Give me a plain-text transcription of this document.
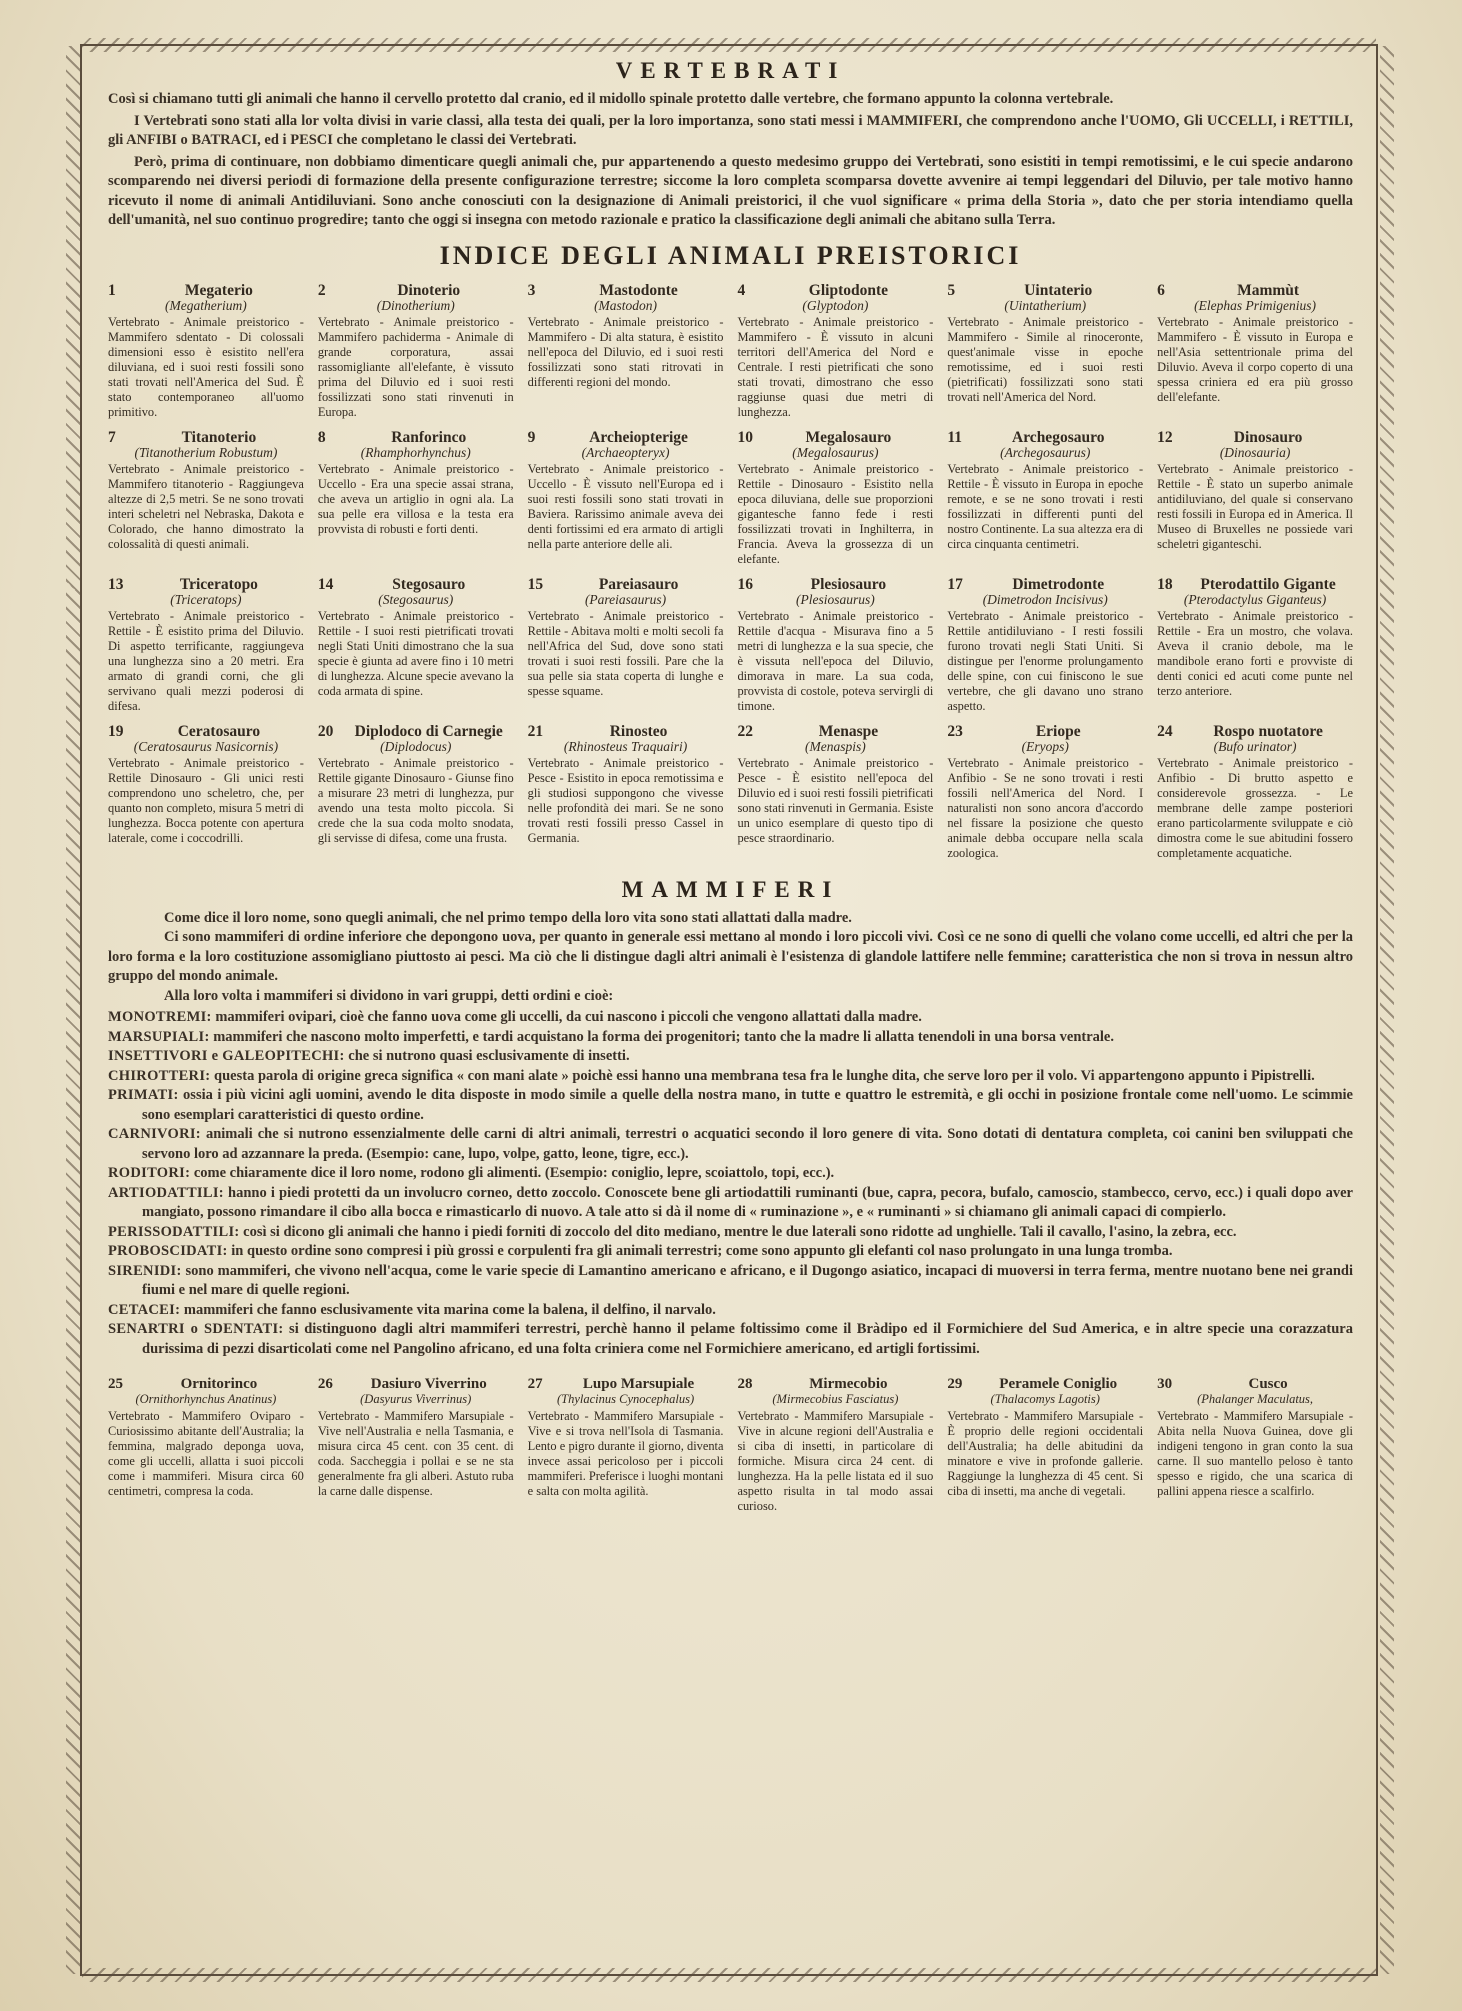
VERTEBRATI

Così si chiamano tutti gli animali che hanno il cervello protetto dal cranio, ed il midollo spinale protetto dalle vertebre, che formano appunto la colonna vertebrale.

I Vertebrati sono stati alla lor volta divisi in varie classi, alla testa dei quali, per la loro importanza, sono stati messi i MAMMIFERI, che comprendono anche l'UOMO, Gli UCCELLI, i RETTILI, gli ANFIBI o BATRACI, ed i PESCI che completano le classi dei Vertebrati.

Però, prima di continuare, non dobbiamo dimenticare quegli animali che, pur appartenendo a questo medesimo gruppo dei Vertebrati, sono esistiti in tempi remotissimi, e le cui specie andarono scomparendo nei diversi periodi di formazione della presente configurazione terrestre; siccome la loro completa scomparsa dovette avvenire ai tempi leggendari del Diluvio, per tale motivo hanno ricevuto il nome di animali Antidiluviani. Sono anche conosciuti con la designazione di Animali preistorici, il che vuol significare « prima della Storia », dato che per storia intendiamo quella dell'umanità, nel suo continuo progredire; tanto che oggi si insegna con metodo razionale e pratico la classificazione degli animali che abitano sulla Terra.

INDICE DEGLI ANIMALI PREISTORICI
1	Megaterio
(Megatherium)
Vertebrato - Animale preistorico - Mammifero sdentato - Di colossali dimensioni esso è esistito nell'era diluviana, ed i suoi resti fossili sono stati trovati nell'America del Sud. È stato contemporaneo all'uomo primitivo.
2	Dinoterio
(Dinotherium)
Vertebrato - Animale preistorico - Mammifero pachiderma - Animale di grande corporatura, assai rassomigliante all'elefante, è vissuto prima del Diluvio ed i suoi resti fossilizzati sono stati rinvenuti in Europa.
3	Mastodonte
(Mastodon)
Vertebrato - Animale preistorico - Mammifero - Di alta statura, è esistito nell'epoca del Diluvio, ed i suoi resti fossilizzati sono stati ritrovati in differenti regioni del mondo.
4	Gliptodonte
(Glyptodon)
Vertebrato - Animale preistorico - Mammifero - È vissuto in alcuni territori dell'America del Nord e Centrale. I resti pietrificati che sono stati trovati, dimostrano che esso raggiunse quasi due metri di lunghezza.
5	Uintaterio
(Uintatherium)
Vertebrato - Animale preistorico - Mammifero - Simile al rinoceronte, quest'animale visse in epoche remotissime, ed i suoi resti (pietrificati) fossilizzati sono stati trovati nell'America del Nord.
6	Mammùt
(Elephas Primigenius)
Vertebrato - Animale preistorico - Mammifero - È vissuto in Europa e nell'Asia settentrionale prima del Diluvio. Aveva il corpo coperto di una spessa criniera ed era più grosso dell'elefante.
7	Titanoterio
(Titanotherium Robustum)
Vertebrato - Animale preistorico - Mammifero titanoterio - Raggiungeva altezze di 2,5 metri. Se ne sono trovati interi scheletri nel Nebraska, Dakota e Colorado, che hanno dimostrato la colossalità di questi animali.
8	Ranforinco
(Rhamphorhynchus)
Vertebrato - Animale preistorico - Uccello - Era una specie assai strana, che aveva un artiglio in ogni ala. La sua pelle era villosa e la testa era provvista di robusti e forti denti.
9	Archeiopterige
(Archaeopteryx)
Vertebrato - Animale preistorico - Uccello - È vissuto nell'Europa ed i suoi resti fossili sono stati trovati in Baviera. Rarissimo animale aveva dei denti fortissimi ed era armato di artigli nella parte anteriore delle ali.
10	Megalosauro
(Megalosaurus)
Vertebrato - Animale preistorico - Rettile - Dinosauro - Esistito nella epoca diluviana, delle sue proporzioni gigantesche fanno fede i resti fossilizzati trovati in Inghilterra, in Francia. Aveva la grossezza di un elefante.
11	Archegosauro
(Archegosaurus)
Vertebrato - Animale preistorico - Rettile - È vissuto in Europa in epoche remote, e se ne sono trovati i resti fossilizzati in differenti punti del nostro Continente. La sua altezza era di circa cinquanta centimetri.
12	Dinosauro
(Dinosauria)
Vertebrato - Animale preistorico - Rettile - È stato un superbo animale antidiluviano, del quale si conservano resti fossili in Europa ed in America. Il Museo di Bruxelles ne possiede vari scheletri giganteschi.
13	Triceratopo
(Triceratops)
Vertebrato - Animale preistorico - Rettile - È esistito prima del Diluvio. Di aspetto terrificante, raggiungeva una lunghezza sino a 20 metri. Era armato di grandi corni, che gli servivano quali mezzi poderosi di difesa.
14	Stegosauro
(Stegosaurus)
Vertebrato - Animale preistorico - Rettile - I suoi resti pietrificati trovati negli Stati Uniti dimostrano che la sua specie è giunta ad avere fino i 10 metri di lunghezza. Alcune specie avevano la coda armata di spine.
15	Pareiasauro
(Pareiasaurus)
Vertebrato - Animale preistorico - Rettile - Abitava molti e molti secoli fa nell'Africa del Sud, dove sono stati trovati i suoi resti fossili. Pare che la sua pelle sia stata coperta di lunghe e spesse squame.
16	Plesiosauro
(Plesiosaurus)
Vertebrato - Animale preistorico - Rettile d'acqua - Misurava fino a 5 metri di lunghezza e la sua specie, che è vissuta nell'epoca del Diluvio, dimorava in mare. La sua coda, provvista di costole, poteva servirgli di timone.
17	Dimetrodonte
(Dimetrodon Incisivus)
Vertebrato - Animale preistorico - Rettile antidiluviano - I resti fossili furono trovati negli Stati Uniti. Si distingue per l'enorme prolungamento delle spine, con cui finiscono le sue vertebre, che gli davano uno strano aspetto.
18	Pterodattilo Gigante
(Pterodactylus Giganteus)
Vertebrato - Animale preistorico - Rettile - Era un mostro, che volava. Aveva il cranio debole, ma le mandibole erano forti e provviste di denti conici ed acuti come punte nel terzo anteriore.
19	Ceratosauro
(Ceratosaurus Nasicornis)
Vertebrato - Animale preistorico - Rettile Dinosauro - Gli unici resti comprendono uno scheletro, che, per quanto non completo, misura 5 metri di lunghezza. Bocca potente con apertura laterale, come i coccodrilli.
20	Diplodoco di Carnegie
(Diplodocus)
Vertebrato - Animale preistorico - Rettile gigante Dinosauro - Giunse fino a misurare 23 metri di lunghezza, pur avendo una testa molto piccola. Si crede che la sua coda molto snodata, gli servisse di difesa, come una frusta.
21	Rinosteo
(Rhinosteus Traquairi)
Vertebrato - Animale preistorico - Pesce - Esistito in epoca remotissima e gli studiosi suppongono che vivesse nelle profondità dei mari. Se ne sono trovati resti fossili presso Cassel in Germania.
22	Menaspe
(Menaspis)
Vertebrato - Animale preistorico - Pesce - È esistito nell'epoca del Diluvio ed i suoi resti fossili pietrificati sono stati rinvenuti in Germania. Esiste un unico esemplare di questo tipo di pesce straordinario.
23	Eriope
(Eryops)
Vertebrato - Animale preistorico - Anfibio - Se ne sono trovati i resti fossili nell'America del Nord. I naturalisti non sono ancora d'accordo nel fissare la posizione che questo animale debba occupare nella scala zoologica.
24	Rospo nuotatore
(Bufo urinator)
Vertebrato - Animale preistorico - Anfibio - Di brutto aspetto e considerevole grossezza. - Le membrane delle zampe posteriori erano particolarmente sviluppate e ciò dimostra come le sue abitudini fossero completamente acquatiche.
MAMMIFERI

Come dice il loro nome, sono quegli animali, che nel primo tempo della loro vita sono stati allattati dalla madre.

Ci sono mammiferi di ordine inferiore che depongono uova, per quanto in generale essi mettano al mondo i loro piccoli vivi. Così ce ne sono di quelli che volano come uccelli, ed altri che per la loro forma e la loro costituzione assomigliano piuttosto ai pesci. Ma ciò che li distingue dagli altri animali è l'esistenza di glandole lattifere nelle femmine; caratteristica che non si trova in nessun altro gruppo del mondo animale.

Alla loro volta i mammiferi si dividono in vari gruppi, detti ordini e cioè:

MONOTREMI: mammiferi ovipari, cioè che fanno uova come gli uccelli, da cui nascono i piccoli che vengono allattati dalla madre.
MARSUPIALI: mammiferi che nascono molto imperfetti, e tardi acquistano la forma dei progenitori; tanto che la madre li allatta tenendoli in una borsa ventrale.
INSETTIVORI e GALEOPITECHI: che si nutrono quasi esclusivamente di insetti.
CHIROTTERI: questa parola di origine greca significa « con mani alate » poichè essi hanno una membrana tesa fra le lunghe dita, che serve loro per il volo. Vi appartengono appunto i Pipistrelli.
PRIMATI: ossia i più vicini agli uomini, avendo le dita disposte in modo simile a quelle della nostra mano, in tutte e quattro le estremità, e gli occhi in posizione frontale come nell'uomo. Le scimmie sono esemplari caratteristici di questo ordine.
CARNIVORI: animali che si nutrono essenzialmente delle carni di altri animali, terrestri o acquatici secondo il loro genere di vita. Sono dotati di dentatura completa, coi canini ben sviluppati che servono loro ad azzannare la preda. (Esempio: cane, lupo, volpe, gatto, leone, tigre, ecc.).
RODITORI: come chiaramente dice il loro nome, rodono gli alimenti. (Esempio: coniglio, lepre, scoiattolo, topi, ecc.).
ARTIODATTILI: hanno i piedi protetti da un involucro corneo, detto zoccolo. Conoscete bene gli artiodattili ruminanti (bue, capra, pecora, bufalo, camoscio, stambecco, cervo, ecc.) i quali dopo aver mangiato, possono rimandare il cibo alla bocca e rimasticarlo di nuovo. A tale atto si dà il nome di « ruminazione », e « ruminanti » si chiamano gli animali capaci di compierlo.
PERISSODATTILI: così si dicono gli animali che hanno i piedi forniti di zoccolo del dito mediano, mentre le due laterali sono ridotte ad unghielle. Tali il cavallo, l'asino, la zebra, ecc.
PROBOSCIDATI: in questo ordine sono compresi i più grossi e corpulenti fra gli animali terrestri; come sono appunto gli elefanti col naso prolungato in una lunga tromba.
SIRENIDI: sono mammiferi, che vivono nell'acqua, come le varie specie di Lamantino americano e africano, e il Dugongo asiatico, incapaci di muoversi in terra ferma, mentre nuotano bene nei grandi fiumi e nel mare di quelle regioni.
CETACEI: mammiferi che fanno esclusivamente vita marina come la balena, il delfino, il narvalo.
SENARTRI o SDENTATI: si distinguono dagli altri mammiferi terrestri, perchè hanno il pelame foltissimo come il Bràdipo ed il Formichiere del Sud America, e in altre specie una corazzatura durissima di pezzi disarticolati come nel Pangolino africano, ed una folta criniera come nel Formichiere americano, ed artigli fortissimi.
25	Ornitorinco
(Ornithorhynchus Anatinus)
Vertebrato - Mammifero Oviparo - Curiosissimo abitante dell'Australia; la femmina, malgrado deponga uova, come gli uccelli, allatta i suoi piccoli come i mammiferi. Misura circa 60 centimetri, compresa la coda.
26	Dasiuro Viverrino
(Dasyurus Viverrinus)
Vertebrato - Mammifero Marsupiale - Vive nell'Australia e nella Tasmania, e misura circa 45 cent. con 35 cent. di coda. Saccheggia i pollai e se ne sta generalmente fra gli alberi. Astuto ruba la carne dalle dispense.
27	Lupo Marsupiale
(Thylacinus Cynocephalus)
Vertebrato - Mammifero Marsupiale - Vive e si trova nell'Isola di Tasmania. Lento e pigro durante il giorno, diventa invece assai pericoloso per i piccoli mammiferi. Preferisce i luoghi montani e salta con molta agilità.
28	Mirmecobio
(Mirmecobius Fasciatus)
Vertebrato - Mammifero Marsupiale - Vive in alcune regioni dell'Australia e si ciba di insetti, in particolare di formiche. Misura circa 24 cent. di lunghezza. Ha la pelle listata ed il suo aspetto risulta in tal modo assai curioso.
29	Peramele Coniglio
(Thalacomys Lagotis)
Vertebrato - Mammifero Marsupiale - È proprio delle regioni occidentali dell'Australia; ha delle abitudini da minatore e vive in profonde gallerie. Raggiunge la lunghezza di 45 cent. Si ciba di insetti, ma anche di vegetali.
30	Cusco
(Phalanger Maculatus,
Vertebrato - Mammifero Marsupiale - Abita nella Nuova Guinea, dove gli indigeni tengono in gran conto la sua carne. Il suo mantello peloso è tanto spesso e rigido, che una scarica di pallini appena riesce a scalfirlo.
